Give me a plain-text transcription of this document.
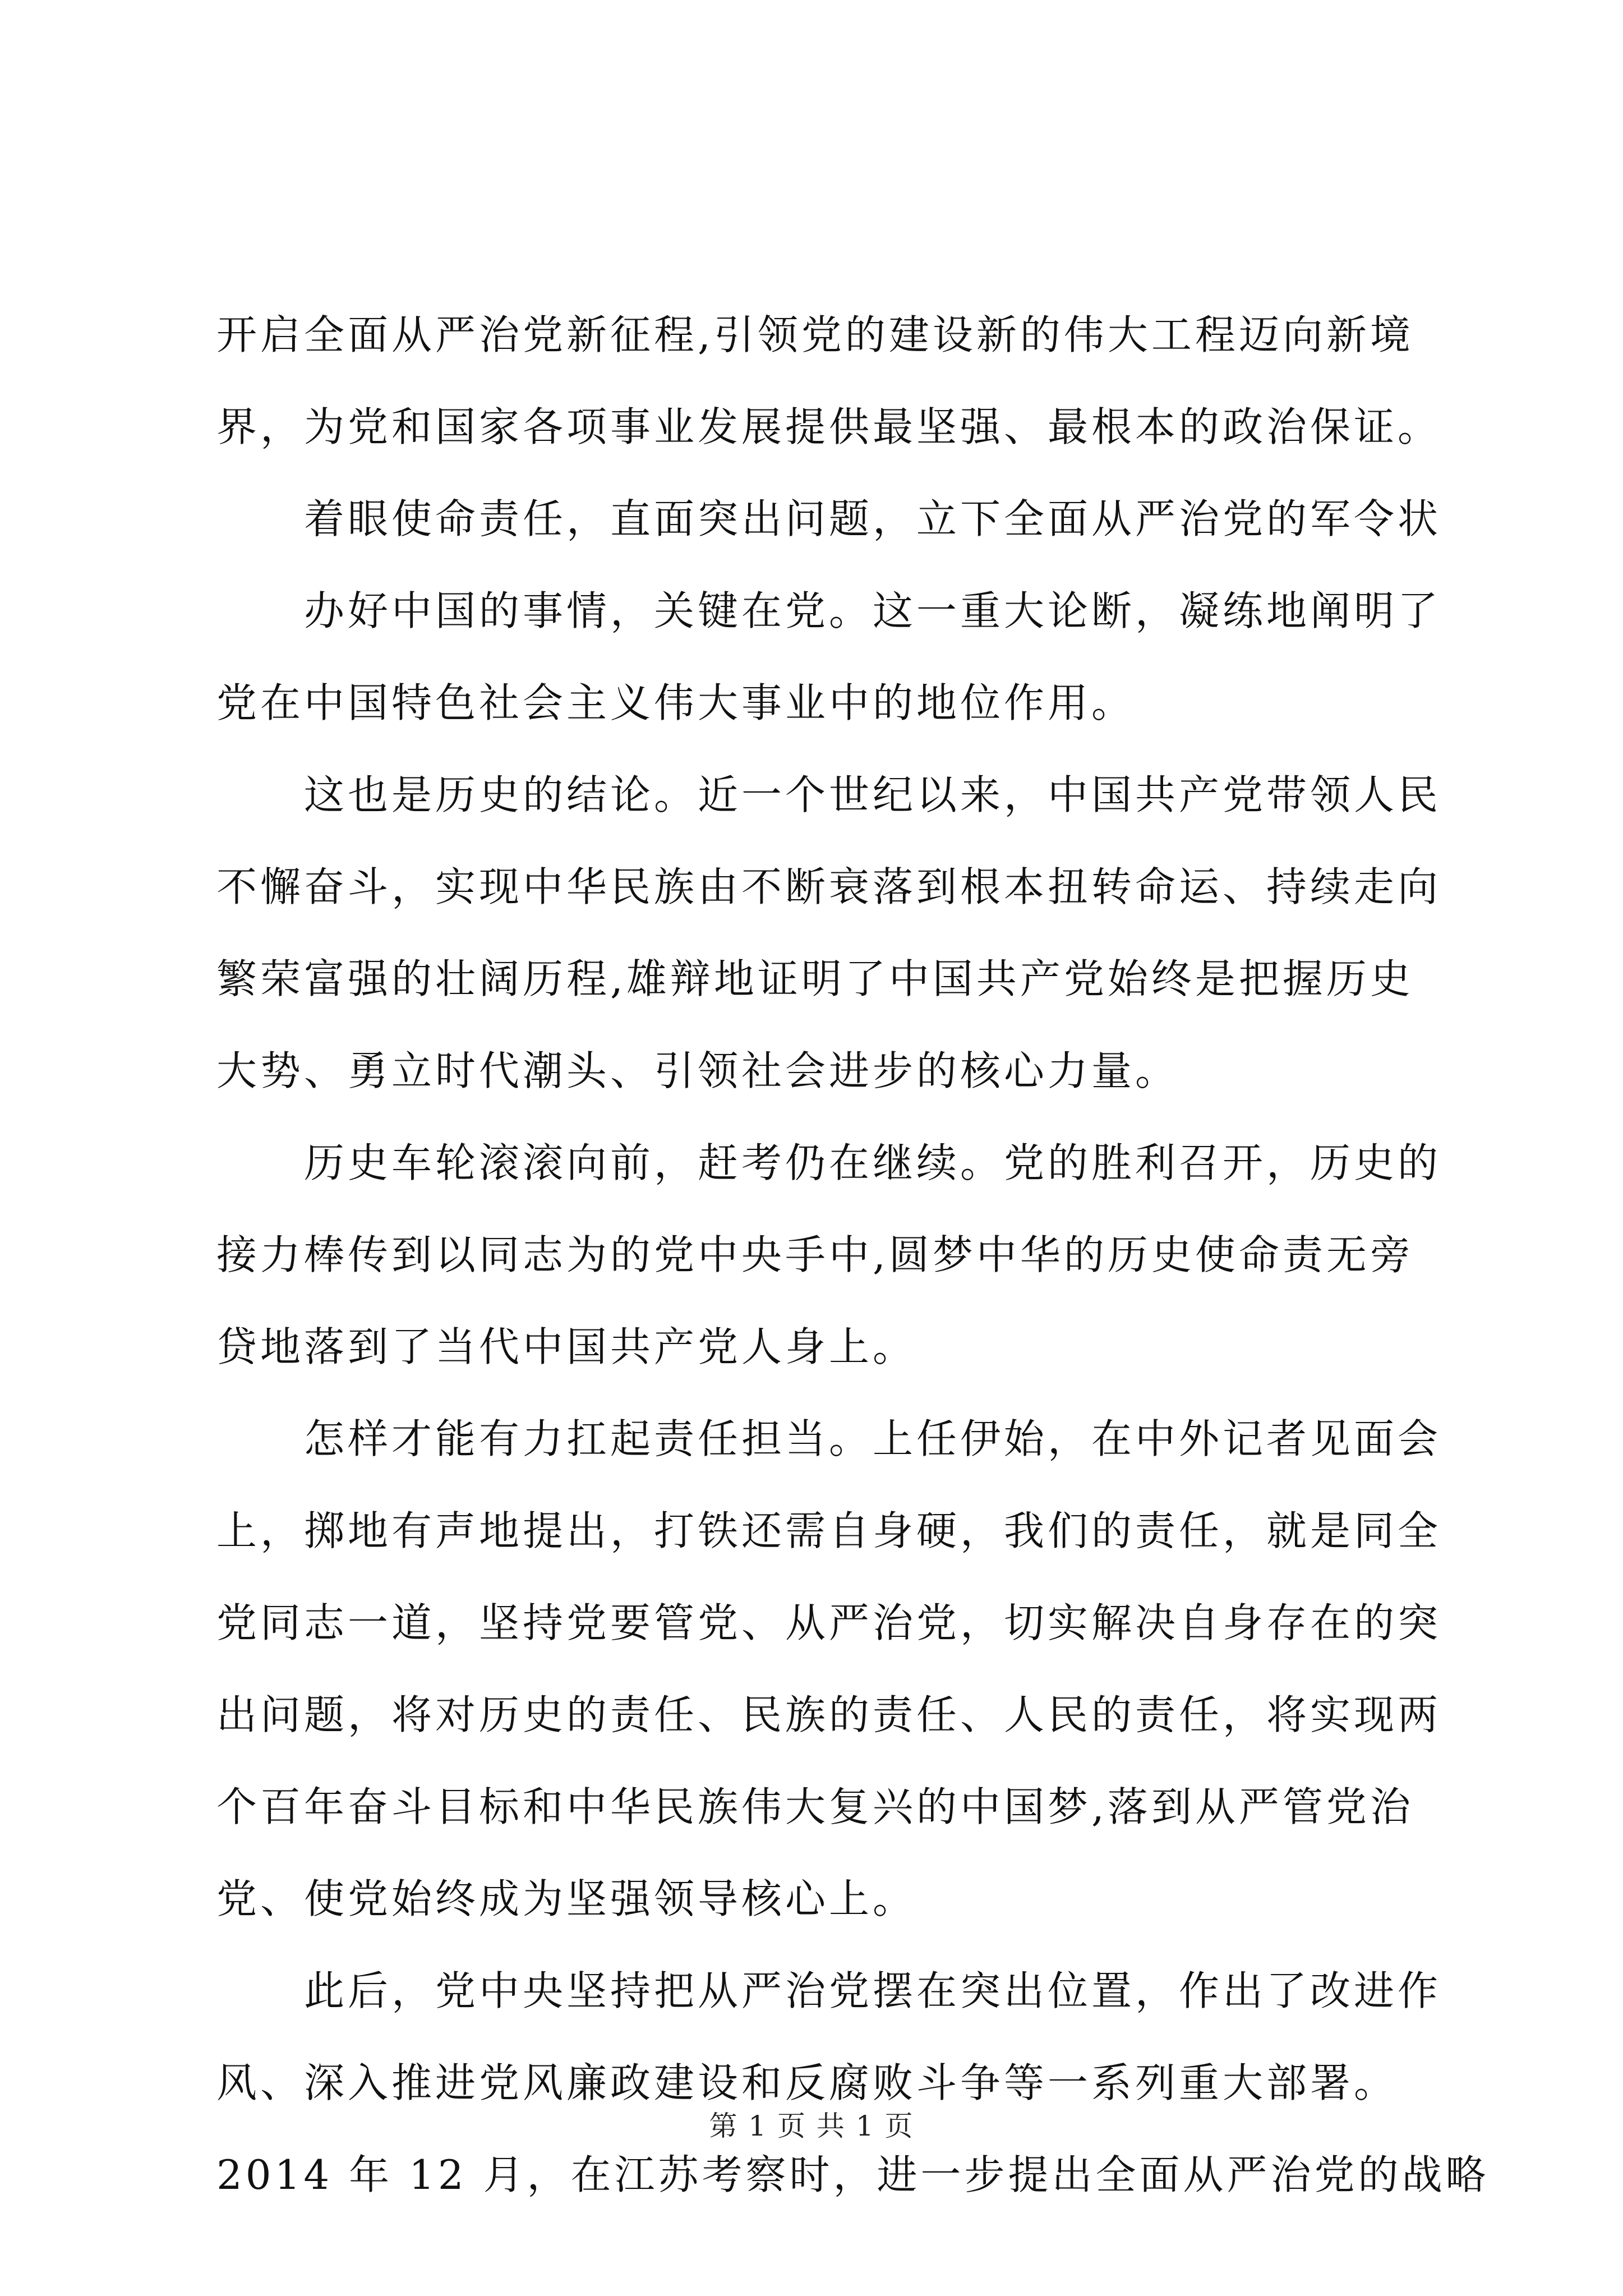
开启全面从严治党新征程,引领党的建设新的伟大工程迈向新境
界，为党和国家各项事业发展提供最坚强、最根本的政治保证。
着眼使命责任，直面突出问题，立下全面从严治党的军令状
办好中国的事情，关键在党。这一重大论断，凝练地阐明了
党在中国特色社会主义伟大事业中的地位作用。
这也是历史的结论。近一个世纪以来，中国共产党带领人民
不懈奋斗，实现中华民族由不断衰落到根本扭转命运、持续走向
繁荣富强的壮阔历程,雄辩地证明了中国共产党始终是把握历史
大势、勇立时代潮头、引领社会进步的核心力量。
历史车轮滚滚向前，赶考仍在继续。党的胜利召开，历史的
接力棒传到以同志为的党中央手中,圆梦中华的历史使命责无旁
贷地落到了当代中国共产党人身上。
怎样才能有力扛起责任担当。上任伊始，在中外记者见面会
上，掷地有声地提出，打铁还需自身硬，我们的责任，就是同全
党同志一道，坚持党要管党、从严治党，切实解决自身存在的突
出问题，将对历史的责任、民族的责任、人民的责任，将实现两
个百年奋斗目标和中华民族伟大复兴的中国梦,落到从严管党治
党、使党始终成为坚强领导核心上。
此后，党中央坚持把从严治党摆在突出位置，作出了改进作
风、深入推进党风廉政建设和反腐败斗争等一系列重大部署。
2014 年 12 月，在江苏考察时，进一步提出全面从严治党的战略
第 1 页 共 1 页
